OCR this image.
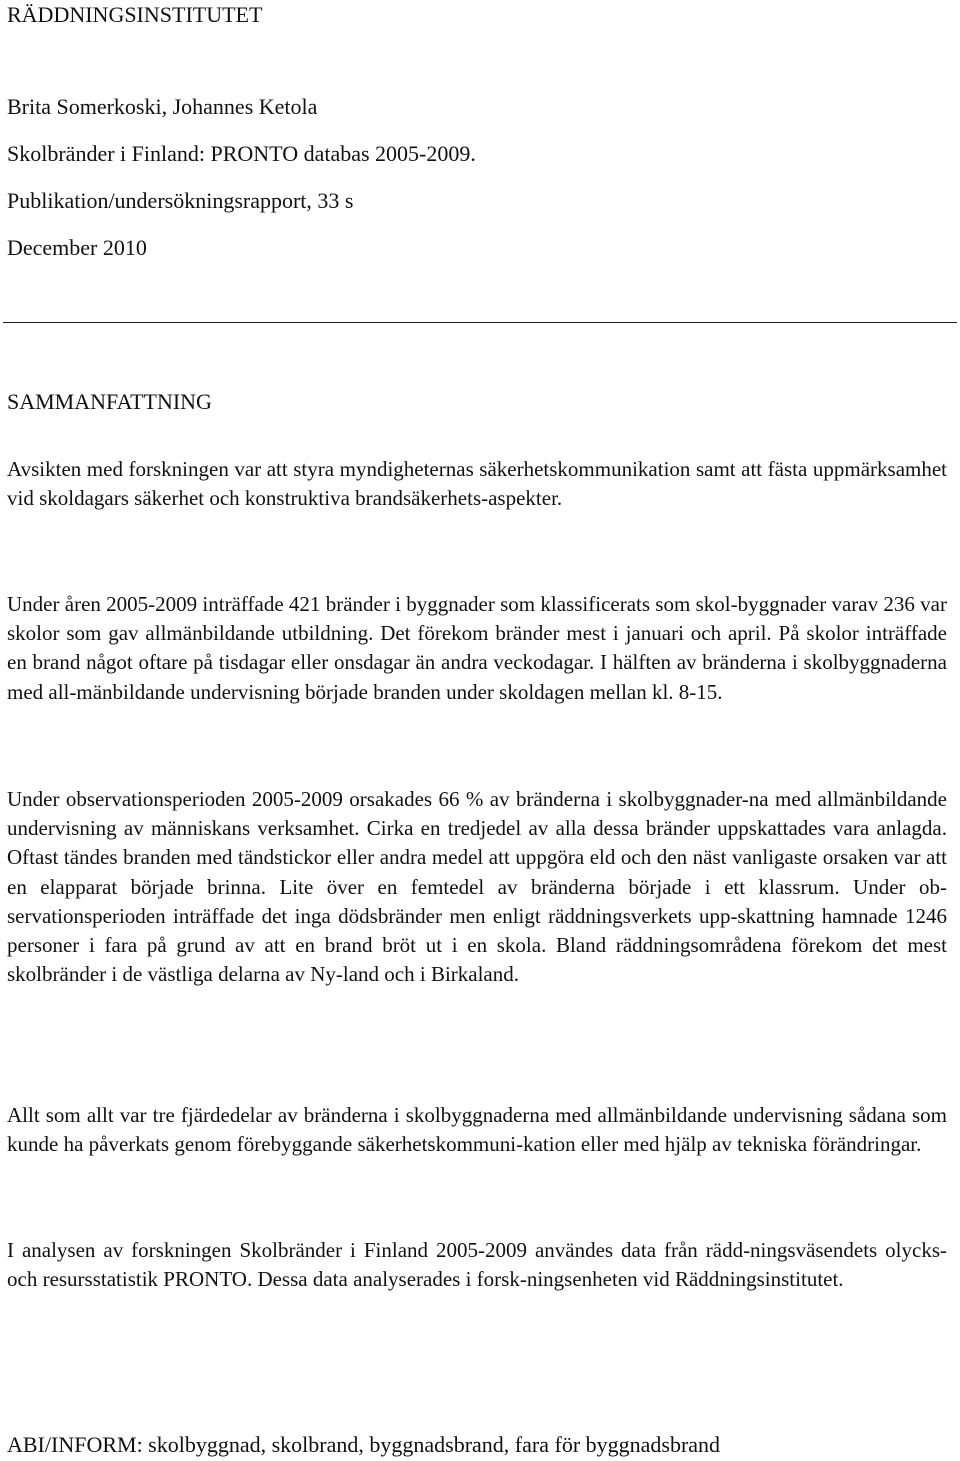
RÄDDNINGSINSTITUTET
Brita Somerkoski, Johannes Ketola
Skolbränder i Finland: PRONTO databas 2005-2009.
Publikation/undersökningsrapport, 33 s
December 2010
SAMMANFATTNING

Avsikten med forskningen var att styra myndigheternas säkerhetskommunikation samt att fästa uppmärksamhet vid skoldagars säkerhet och konstruktiva brandsäkerhets-aspekter.

Under åren 2005-2009 inträffade 421 bränder i byggnader som klassificerats som skol-byggnader varav 236 var skolor som gav allmänbildande utbildning. Det förekom bränder mest i januari och april. På skolor inträffade en brand något oftare på tisdagar eller onsdagar än andra veckodagar. I hälften av bränderna i skolbyggnaderna med all-mänbildande undervisning började branden under skoldagen mellan kl. 8-15.

Under observationsperioden 2005-2009 orsakades 66 % av bränderna i skolbyggnader-na med allmänbildande undervisning av människans verksamhet. Cirka en tredjedel av alla dessa bränder uppskattades vara anlagda. Oftast tändes branden med tändstickor eller andra medel att uppgöra eld och den näst vanligaste orsaken var att en elapparat började brinna. Lite över en femtedel av bränderna började i ett klassrum. Under ob-servationsperioden inträffade det inga dödsbränder men enligt räddningsverkets upp-skattning hamnade 1246 personer i fara på grund av att en brand bröt ut i en skola. Bland räddningsområdena förekom det mest skolbränder i de västliga delarna av Ny-land och i Birkaland.

Allt som allt var tre fjärdedelar av bränderna i skolbyggnaderna med allmänbildande undervisning sådana som kunde ha påverkats genom förebyggande säkerhetskommuni-kation eller med hjälp av tekniska förändringar.

I analysen av forskningen Skolbränder i Finland 2005-2009 användes data från rädd-ningsväsendets olycks- och resursstatistik PRONTO. Dessa data analyserades i forsk-ningsenheten vid Räddningsinstitutet.

ABI/INFORM: skolbyggnad, skolbrand, byggnadsbrand, fara för byggnadsbrand
